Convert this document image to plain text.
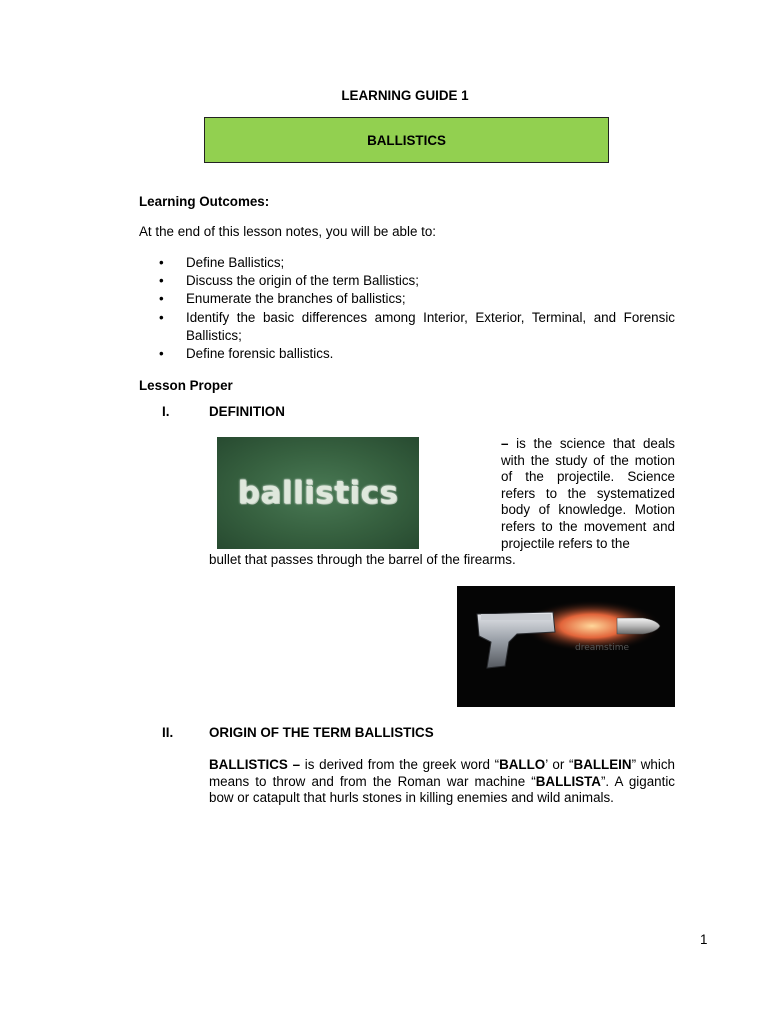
LEARNING GUIDE 1
BALLISTICS
Learning Outcomes:
At the end of this lesson notes, you will be able to:
• Define Ballistics;
• Discuss the origin of the term Ballistics;
• Enumerate the branches of ballistics;
• Identify the basic differences among Interior, Exterior, Terminal, and Forensic Ballistics;
• Define forensic ballistics.
Lesson Proper
I.	DEFINITION
ballistics
– is the science that deals with the study of the motion of the projectile. Science refers to the systematized body of knowledge. Motion refers to the movement and projectile refers to the
bullet that passes through the barrel of the firearms.
dreamstime
II.	ORIGIN OF THE TERM BALLISTICS
BALLISTICS – is derived from the greek word “BALLO’ or “BALLEIN” which means to throw and from the Roman war machine “BALLISTA”. A gigantic bow or catapult that hurls stones in killing enemies and wild animals.
1
